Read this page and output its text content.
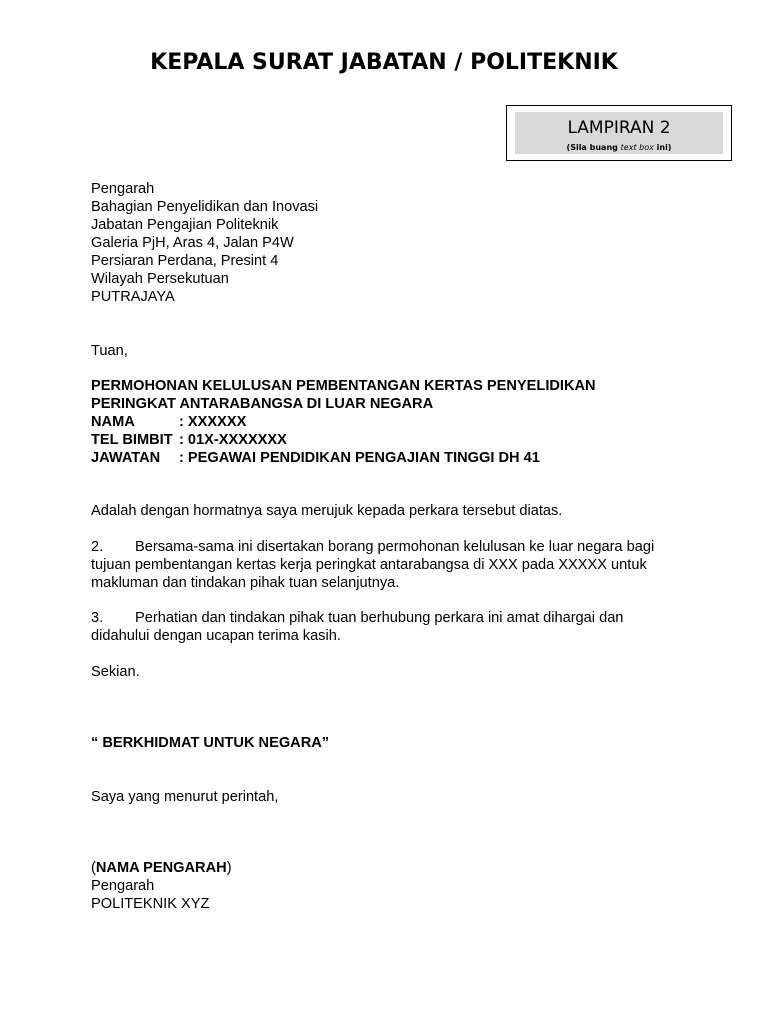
KEPALA SURAT JABATAN / POLITEKNIK
LAMPIRAN 2
(Sila buang text box ini)
Pengarah
Bahagian Penyelidikan dan Inovasi
Jabatan Pengajian Politeknik
Galeria PjH, Aras 4, Jalan P4W
Persiaran Perdana, Presint 4
Wilayah Persekutuan
PUTRAJAYA
Tuan,
PERMOHONAN KELULUSAN PEMBENTANGAN KERTAS PENYELIDIKAN
PERINGKAT ANTARABANGSA DI LUAR NEGARA
NAMA	: XXXXXX
TEL BIMBIT : 01X-XXXXXXX
JAWATAN : PEGAWAI PENDIDIKAN PENGAJIAN TINGGI DH 41
Adalah dengan hormatnya saya merujuk kepada perkara tersebut diatas.
2. Bersama-sama ini disertakan borang permohonan kelulusan ke luar negara bagi
tujuan pembentangan kertas kerja peringkat antarabangsa di XXX pada XXXXX untuk
makluman dan tindakan pihak tuan selanjutnya.
3. Perhatian dan tindakan pihak tuan berhubung perkara ini amat dihargai dan
didahului dengan ucapan terima kasih.
Sekian.
“ BERKHIDMAT UNTUK NEGARA”
Saya yang menurut perintah,
(NAMA PENGARAH)
Pengarah
POLITEKNIK XYZ
